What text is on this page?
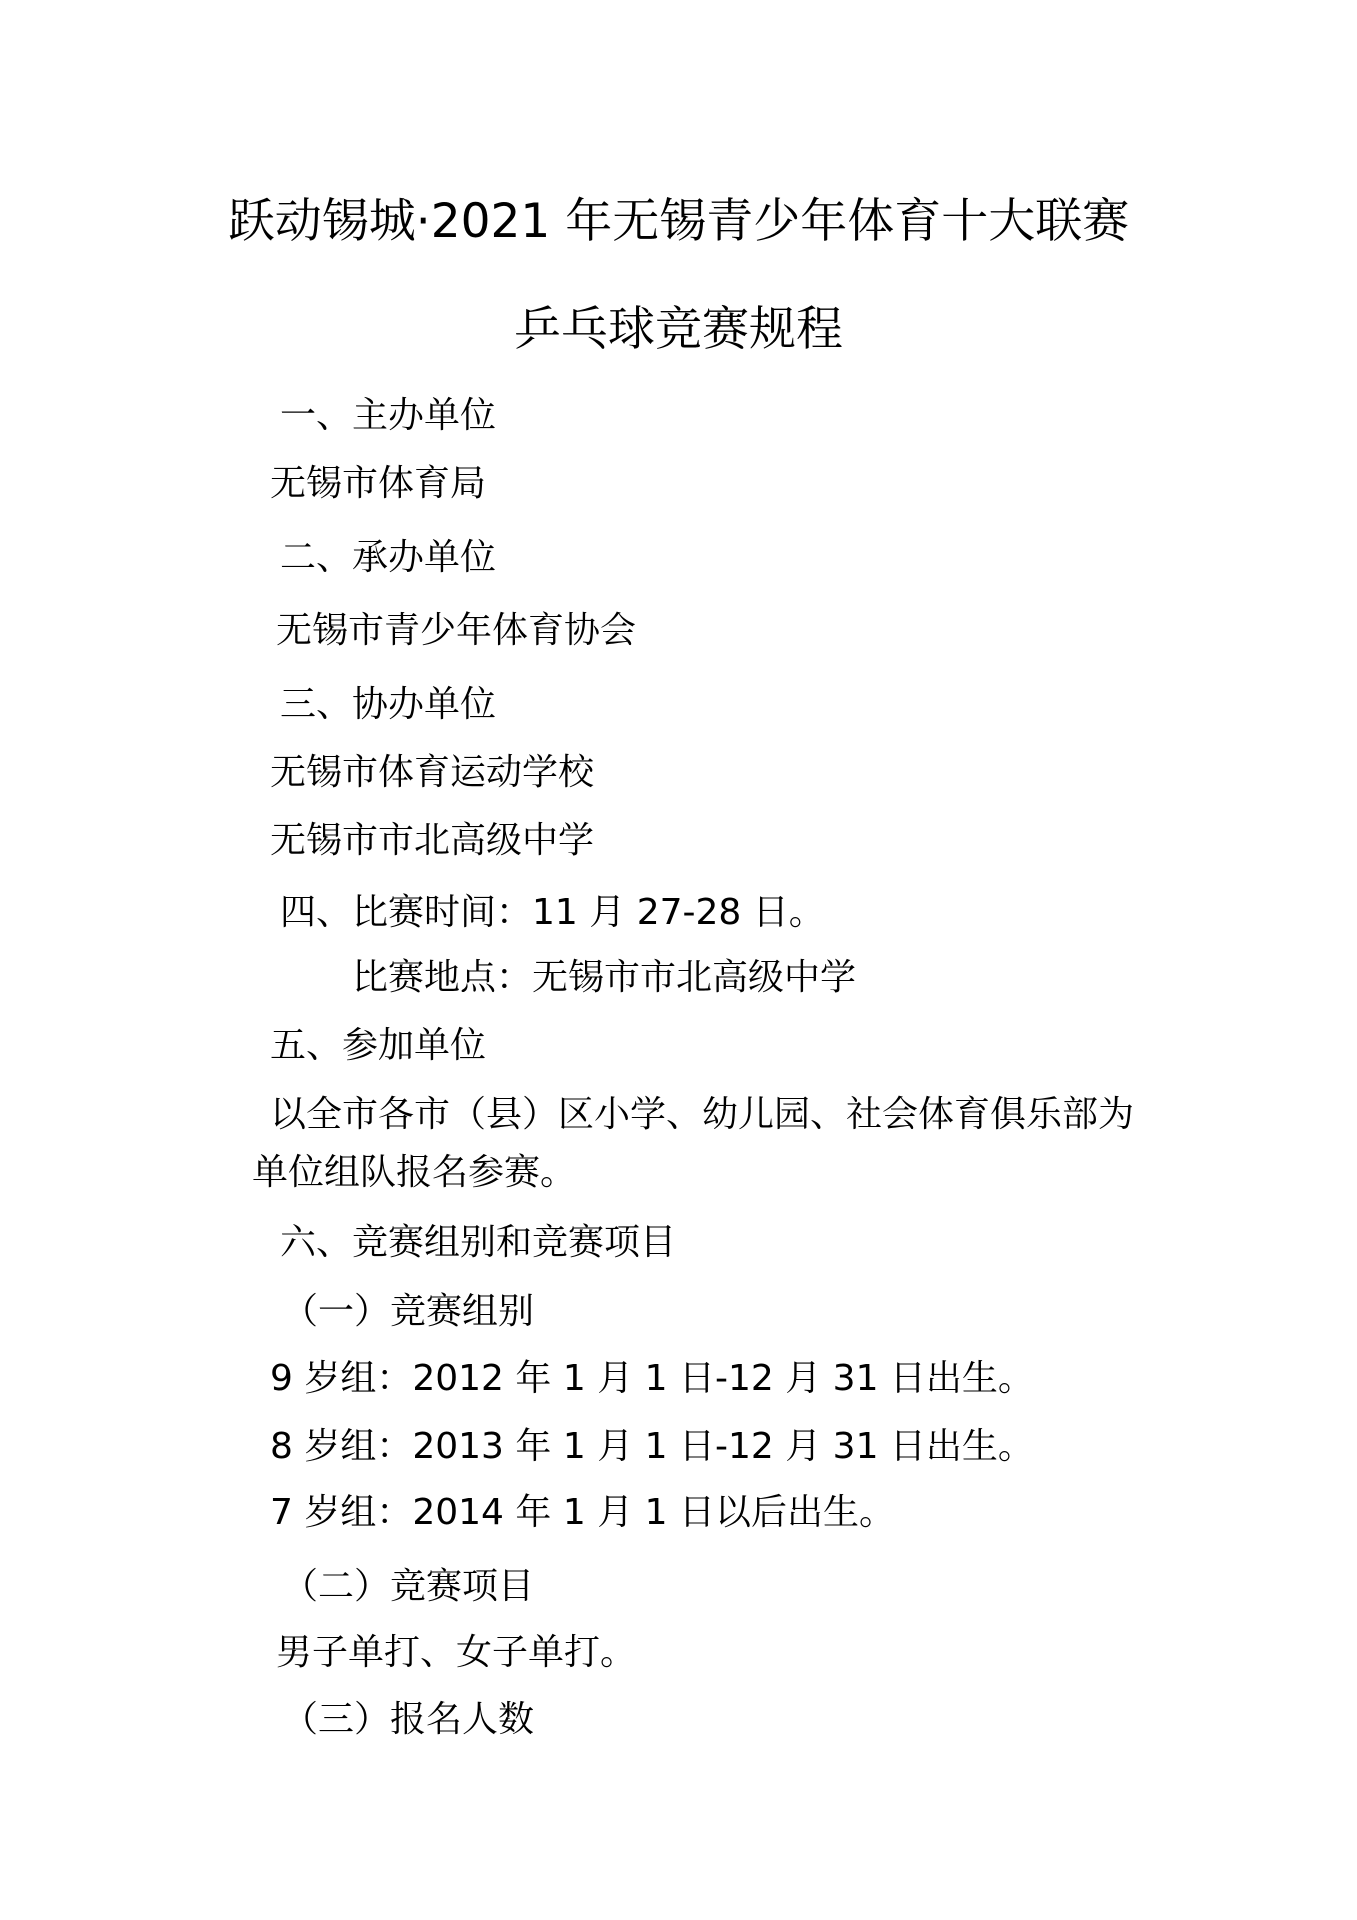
跃动锡城·2021 年无锡青少年体育十大联赛
乒乓球竞赛规程
一、主办单位
无锡市体育局
二、承办单位
无锡市青少年体育协会
三、协办单位
无锡市体育运动学校
无锡市市北高级中学
四、比赛时间：11 月 27-28 日。
比赛地点：无锡市市北高级中学
五、参加单位
以全市各市（县）区小学、幼儿园、社会体育俱乐部为
单位组队报名参赛。
六、竞赛组别和竞赛项目
（一）竞赛组别
9 岁组：2012 年 1 月 1 日-12 月 31 日出生。
8 岁组：2013 年 1 月 1 日-12 月 31 日出生。
7 岁组：2014 年 1 月 1 日以后出生。
（二）竞赛项目
男子单打、女子单打。
（三）报名人数
